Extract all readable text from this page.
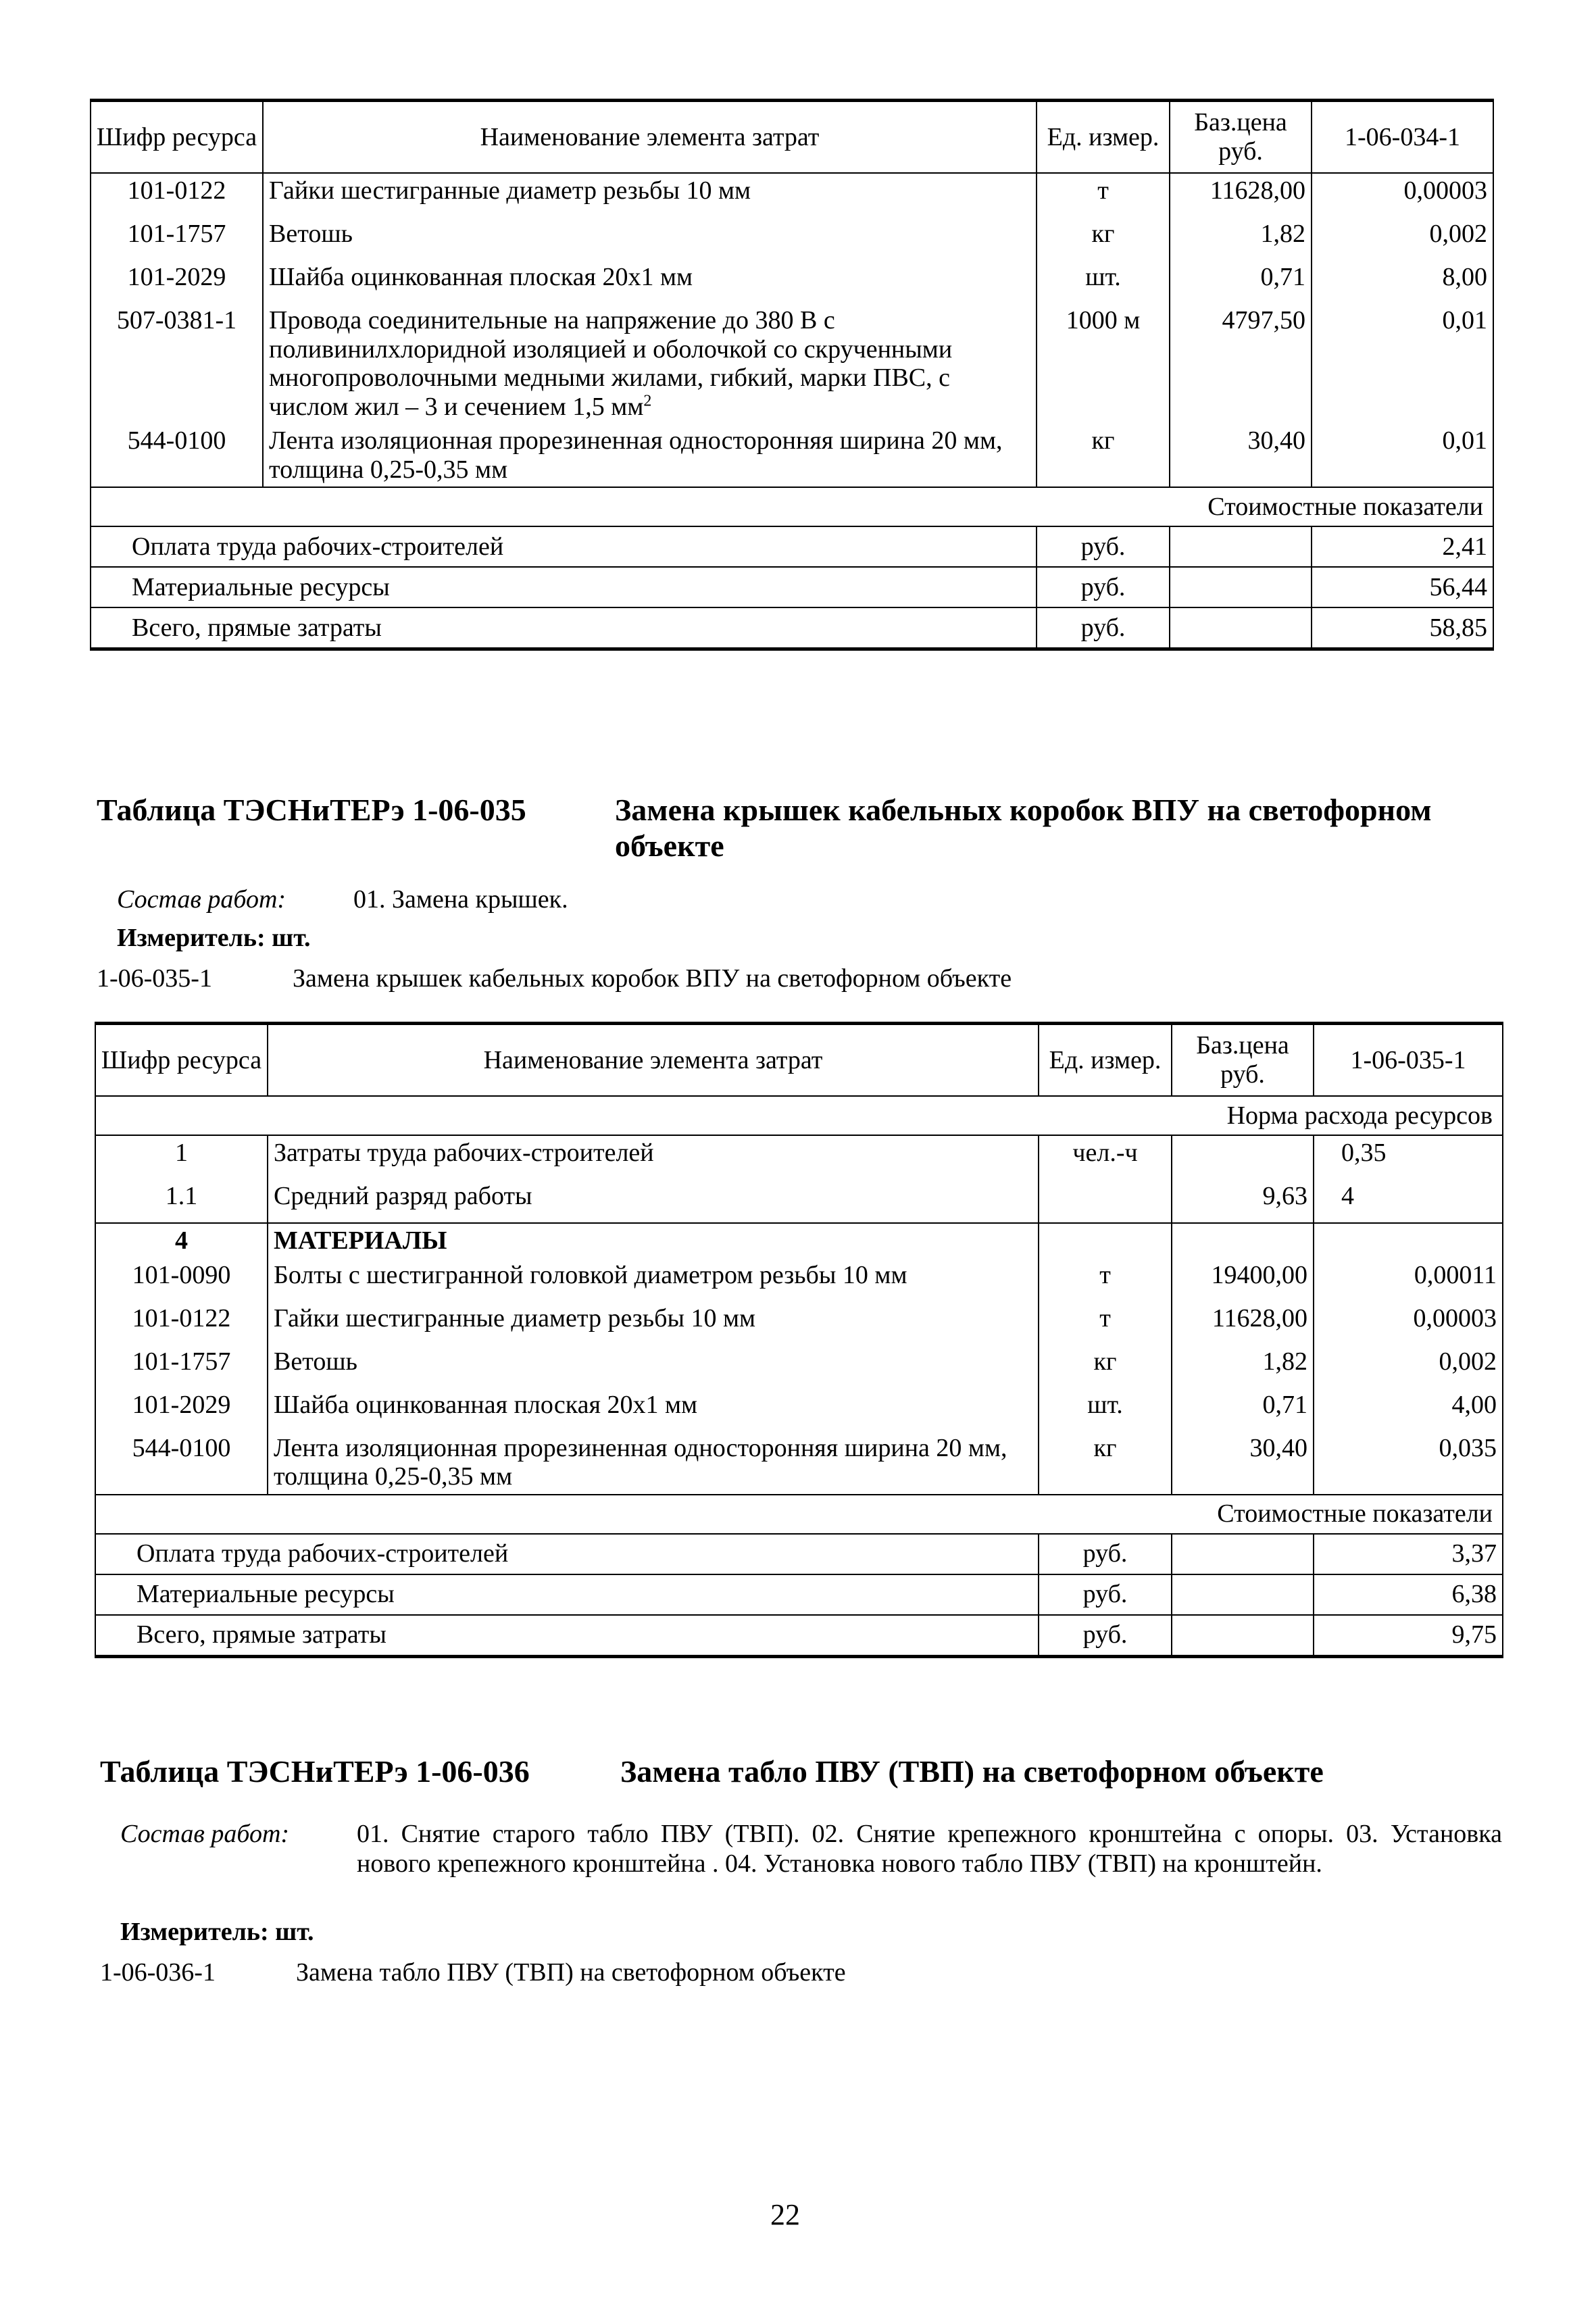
Шифр ресурса	Наименование элемента затрат	Ед. измер.	Баз.цена руб.	1-06-034-1
101-0122	Гайки шестигранные диаметр резьбы 10 мм	т	11628,00	0,00003
101-1757	Ветошь	кг	1,82	0,002
101-2029	Шайба оцинкованная плоская 20х1 мм	шт.	0,71	8,00
507-0381-1	Провода соединительные на напряжение до 380 В с поливинилхлоридной изоляцией и оболочкой со скрученными многопроволочными медными жилами, гибкий, марки ПВС, с числом жил – 3 и сечением 1,5 $мм^2$	1000 м	4797,50	0,01
544-0100	Лента изоляционная прорезиненная односторонняя ширина 20 мм, толщина 0,25-0,35 мм	кг	30,40	0,01
Стоимостные показатели				
Оплата труда рабочих-строителей		руб.		2,41
Материальные ресурсы		руб.		56,44
Всего, прямые затраты		руб.		58,85
Таблица ТЭСНиТЕРэ 1-06-035	Замена крышек кабельных коробок ВПУ на светофорном объекте
Состав работ:	01. Замена крышек.
Измеритель: шт.
1-06-035-1	Замена крышек кабельных коробок ВПУ на светофорном объекте
Шифр ресурса	Наименование элемента затрат	Ед. измер.	Баз.цена руб.	1-06-035-1
Норма расхода ресурсов				
1	Затраты труда рабочих-строителей	чел.-ч		0,35
1.1	Средний разряд работы		9,63	4
4	МАТЕРИАЛЫ			
101-0090	Болты с шестигранной головкой диаметром резьбы 10 мм	т	19400,00	0,00011
101-0122	Гайки шестигранные диаметр резьбы 10 мм	т	11628,00	0,00003
101-1757	Ветошь	кг	1,82	0,002
101-2029	Шайба оцинкованная плоская 20х1 мм	шт.	0,71	4,00
544-0100	Лента изоляционная прорезиненная односторонняя ширина 20 мм, толщина 0,25-0,35 мм	кг	30,40	0,035
Стоимостные показатели				
Оплата труда рабочих-строителей		руб.		3,37
Материальные ресурсы		руб.		6,38
Всего, прямые затраты		руб.		9,75
Таблица ТЭСНиТЕРэ 1-06-036	Замена табло ПВУ (ТВП) на светофорном объекте
Состав работ:	01. Снятие старого табло ПВУ (ТВП). 02. Снятие крепежного кронштейна с опоры. 03. Установка нового крепежного кронштейна . 04. Установка нового табло ПВУ (ТВП) на кронштейн.
Измеритель: шт.
1-06-036-1	Замена табло ПВУ (ТВП) на светофорном объекте
22
